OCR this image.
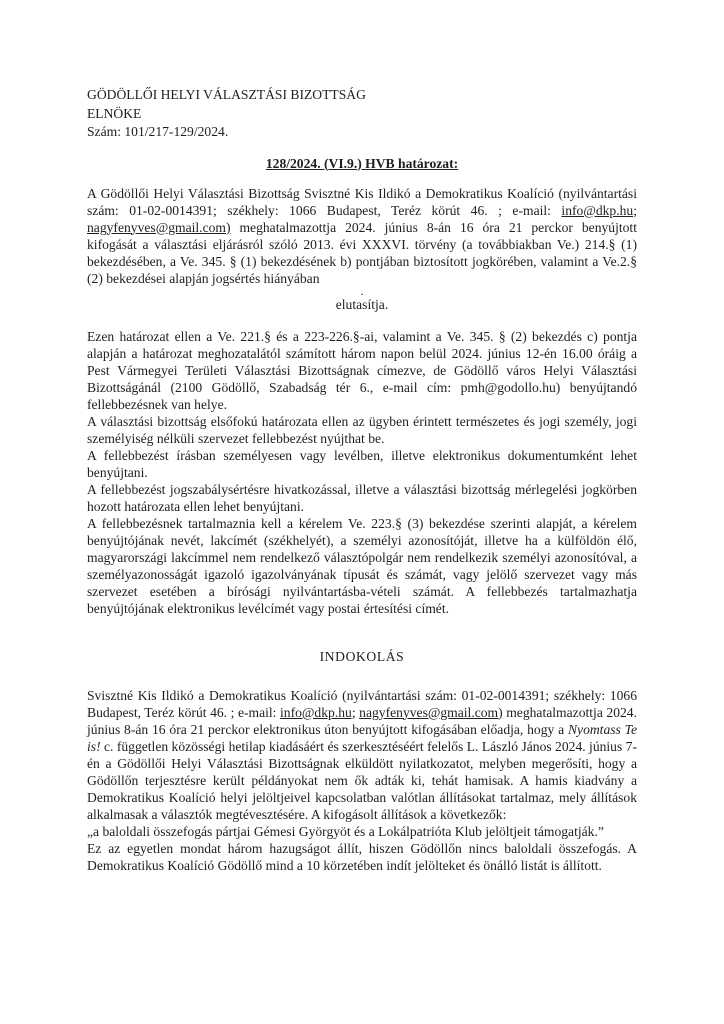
GÖDÖLLŐI HELYI VÁLASZTÁSI BIZOTTSÁG
ELNÖKE
Szám: 101/217-129/2024.
128/2024. (VI.9.) HVB határozat:

A Gödöllői Helyi Választási Bizottság Svisztné Kis Ildikó a Demokratikus Koalíció (nyilvántartási szám: 01-02-0014391; székhely: 1066 Budapest, Teréz körút 46. ; e-mail: info@dkp.hu; nagyfenyves@gmail.com) meghatalmazottja 2024. június 8-án 16 óra 21 perckor benyújtott kifogását a választási eljárásról szóló 2013. évi XXXVI. törvény (a továbbiakban Ve.) 214.§ (1) bekezdésében, a Ve. 345. § (1) bekezdésének b) pontjában biztosított jogkörében, valamint a Ve.2.§ (2) bekezdései alapján jogsértés hiányában

.

elutasítja.

Ezen határozat ellen a Ve. 221.§ és a 223-226.§-ai, valamint a Ve. 345. § (2) bekezdés c) pontja alapján a határozat meghozatalától számított három napon belül 2024. június 12-én 16.00 óráig a Pest Vármegyei Területi Választási Bizottságnak címezve, de Gödöllő város Helyi Választási Bizottságánál (2100 Gödöllő, Szabadság tér 6., e-mail cím: pmh@godollo.hu) benyújtandó fellebbezésnek van helye.

A választási bizottság elsőfokú határozata ellen az ügyben érintett természetes és jogi személy, jogi személyiség nélküli szervezet fellebbezést nyújthat be.

A fellebbezést írásban személyesen vagy levélben, illetve elektronikus dokumentumként lehet benyújtani.

A fellebbezést jogszabálysértésre hivatkozással, illetve a választási bizottság mérlegelési jogkörben hozott határozata ellen lehet benyújtani.

A fellebbezésnek tartalmaznia kell a kérelem Ve. 223.§ (3) bekezdése szerinti alapját, a kérelem benyújtójának nevét, lakcímét (székhelyét), a személyi azonosítóját, illetve ha a külföldön élő, magyarországi lakcímmel nem rendelkező választópolgár nem rendelkezik személyi azonosítóval, a személyazonosságát igazoló igazolványának típusát és számát, vagy jelölő szervezet vagy más szervezet esetében a bírósági nyilvántartásba-vételi számát. A fellebbezés tartalmazhatja benyújtójának elektronikus levélcímét vagy postai értesítési címét.

INDOKOLÁS

Svisztné Kis Ildikó a Demokratikus Koalíció (nyilvántartási szám: 01-02-0014391; székhely: 1066 Budapest, Teréz körút 46. ; e-mail: info@dkp.hu; nagyfenyves@gmail.com) meghatalmazottja 2024. június 8-án 16 óra 21 perckor elektronikus úton benyújtott kifogásában előadja, hogy a Nyomtass Te is! c. független közösségi hetilap kiadásáért és szerkesztéséért felelős L. László János 2024. június 7-én a Gödöllői Helyi Választási Bizottságnak elküldött nyilatkozatot, melyben megerősíti, hogy a Gödöllőn terjesztésre került példányokat nem ők adták ki, tehát hamisak. A hamis kiadvány a Demokratikus Koalíció helyi jelöltjeivel kapcsolatban valótlan állításokat tartalmaz, mely állítások alkalmasak a választók megtévesztésére. A kifogásolt állítások a következők:

„a baloldali összefogás pártjai Gémesi Györgyöt és a Lokálpatrióta Klub jelöltjeit támogatják.”

Ez az egyetlen mondat három hazugságot állít, hiszen Gödöllőn nincs baloldali összefogás. A Demokratikus Koalíció Gödöllő mind a 10 körzetében indít jelölteket és önálló listát is állított.
